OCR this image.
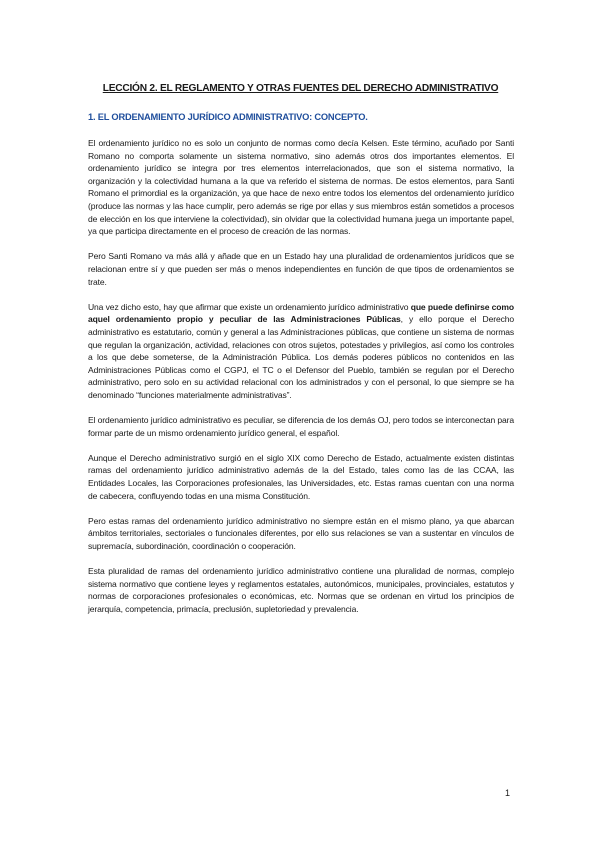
LECCIÓN 2. EL REGLAMENTO Y OTRAS FUENTES DEL DERECHO ADMINISTRATIVO

1. EL ORDENAMIENTO JURÍDICO ADMINISTRATIVO: CONCEPTO.

El ordenamiento jurídico no es solo un conjunto de normas como decía Kelsen. Este término, acuñado por Santi Romano no comporta solamente un sistema normativo, sino además otros dos importantes elementos. El ordenamiento jurídico se integra por tres elementos interrelacionados, que son el sistema normativo, la organización y la colectividad humana a la que va referido el sistema de normas. De estos elementos, para Santi Romano el primordial es la organización, ya que hace de nexo entre todos los elementos del ordenamiento jurídico (produce las normas y las hace cumplir, pero además se rige por ellas y sus miembros están sometidos a procesos de elección en los que interviene la colectividad), sin olvidar que la colectividad humana juega un importante papel, ya que participa directamente en el proceso de creación de las normas.

Pero Santi Romano va más allá y añade que en un Estado hay una pluralidad de ordenamientos jurídicos que se relacionan entre sí y que pueden ser más o menos independientes en función de que tipos de ordenamientos se trate.

Una vez dicho esto, hay que afirmar que existe un ordenamiento jurídico administrativo que puede definirse como aquel ordenamiento propio y peculiar de las Administraciones Públicas, y ello porque el Derecho administrativo es estatutario, común y general a las Administraciones públicas, que contiene un sistema de normas que regulan la organización, actividad, relaciones con otros sujetos, potestades y privilegios, así como los controles a los que debe someterse, de la Administración Pública. Los demás poderes públicos no contenidos en las Administraciones Públicas como el CGPJ, el TC o el Defensor del Pueblo, también se regulan por el Derecho administrativo, pero solo en su actividad relacional con los administrados y con el personal, lo que siempre se ha denominado “funciones materialmente administrativas”.

El ordenamiento jurídico administrativo es peculiar, se diferencia de los demás OJ, pero todos se interconectan para formar parte de un mismo ordenamiento jurídico general, el español.

Aunque el Derecho administrativo surgió en el siglo XIX como Derecho de Estado, actualmente existen distintas ramas del ordenamiento jurídico administrativo además de la del Estado, tales como las de las CCAA, las Entidades Locales, las Corporaciones profesionales, las Universidades, etc. Estas ramas cuentan con una norma de cabecera, confluyendo todas en una misma Constitución.

Pero estas ramas del ordenamiento jurídico administrativo no siempre están en el mismo plano, ya que abarcan ámbitos territoriales, sectoriales o funcionales diferentes, por ello sus relaciones se van a sustentar en vínculos de supremacía, subordinación, coordinación o cooperación.

Esta pluralidad de ramas del ordenamiento jurídico administrativo contiene una pluralidad de normas, complejo sistema normativo que contiene leyes y reglamentos estatales, autonómicos, municipales, provinciales, estatutos y normas de corporaciones profesionales o económicas, etc. Normas que se ordenan en virtud los principios de jerarquía, competencia, primacía, preclusión, supletoriedad y prevalencia.

1
